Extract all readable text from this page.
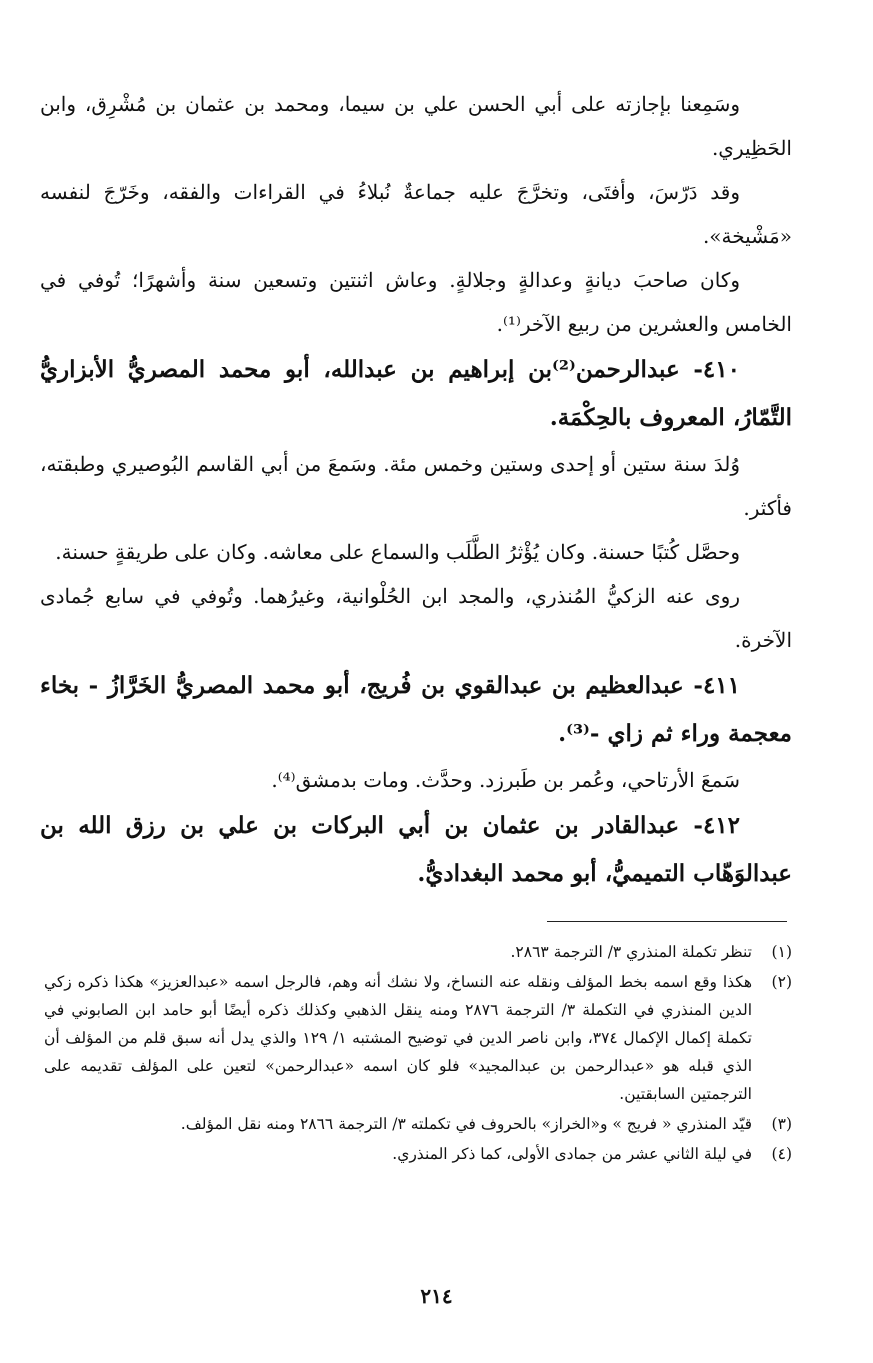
وسَمِعنا بإجازته على أبي الحسن علي بن سيما، ومحمد بن عثمان بن مُشْرِق، وابن الحَظِيري.

وقد دَرّسَ، وأفتَى، وتخرَّجَ عليه جماعةٌ نُبلاءُ في القراءات والفقه، وخَرّجَ لنفسه «مَشْيخة».

وكان صاحبَ ديانةٍ وعدالةٍ وجلالةٍ. وعاش اثنتين وتسعين سنة وأشهرًا؛ تُوفي في الخامس والعشرين من ربيع الآخر⁽¹⁾.

٤١٠- عبدالرحمن⁽²⁾بن إبراهيم بن عبدالله، أبو محمد المصريُّ الأبزاريُّ التَّمّارُ، المعروف بالحِكْمَة.

وُلدَ سنة ستين أو إحدى وستين وخمس مئة. وسَمعَ من أبي القاسم البُوصيري وطبقته، فأكثر.

وحصَّل كُتبًا حسنة. وكان يُؤْثرُ الطَّلَب والسماع على معاشه. وكان على طريقةٍ حسنة.

روى عنه الزكيُّ المُنذري، والمجد ابن الحُلْوانية، وغيرُهما. وتُوفي في سابع جُمادى الآخرة.

٤١١- عبدالعظيم بن عبدالقوي بن فُريج، أبو محمد المصريُّ الخَرَّازُ - بخاء معجمة وراء ثم زاي -⁽³⁾.

سَمعَ الأرتاحي، وعُمر بن طَبرزد. وحدَّث. ومات بدمشق⁽⁴⁾.

٤١٢- عبدالقادر بن عثمان بن أبي البركات بن علي بن رزق الله بن عبدالوَهّاب التميميُّ، أبو محمد البغداديُّ.

(١)
تنظر تكملة المنذري ٣/ الترجمة ٢٨٦٣.
(٢)
هكذا وقع اسمه بخط المؤلف ونقله عنه النساخ، ولا نشك أنه وهم، فالرجل اسمه «عبدالعزيز» هكذا ذكره زكي الدين المنذري في التكملة ٣/ الترجمة ٢٨٧٦ ومنه ينقل الذهبي وكذلك ذكره أيضًا أبو حامد ابن الصابوني في تكملة إكمال الإكمال ٣٧٤، وابن ناصر الدين في توضيح المشتبه ١/ ١٢٩ والذي يدل أنه سبق قلم من المؤلف أن الذي قبله هو «عبدالرحمن بن عبدالمجيد» فلو كان اسمه «عبدالرحمن» لتعين على المؤلف تقديمه على الترجمتين السابقتين.
(٣)
قيّد المنذري « فريج » و«الخراز» بالحروف في تكملته ٣/ الترجمة ٢٨٦٦ ومنه نقل المؤلف.
(٤)
في ليلة الثاني عشر من جمادى الأولى، كما ذكر المنذري.
٢١٤
